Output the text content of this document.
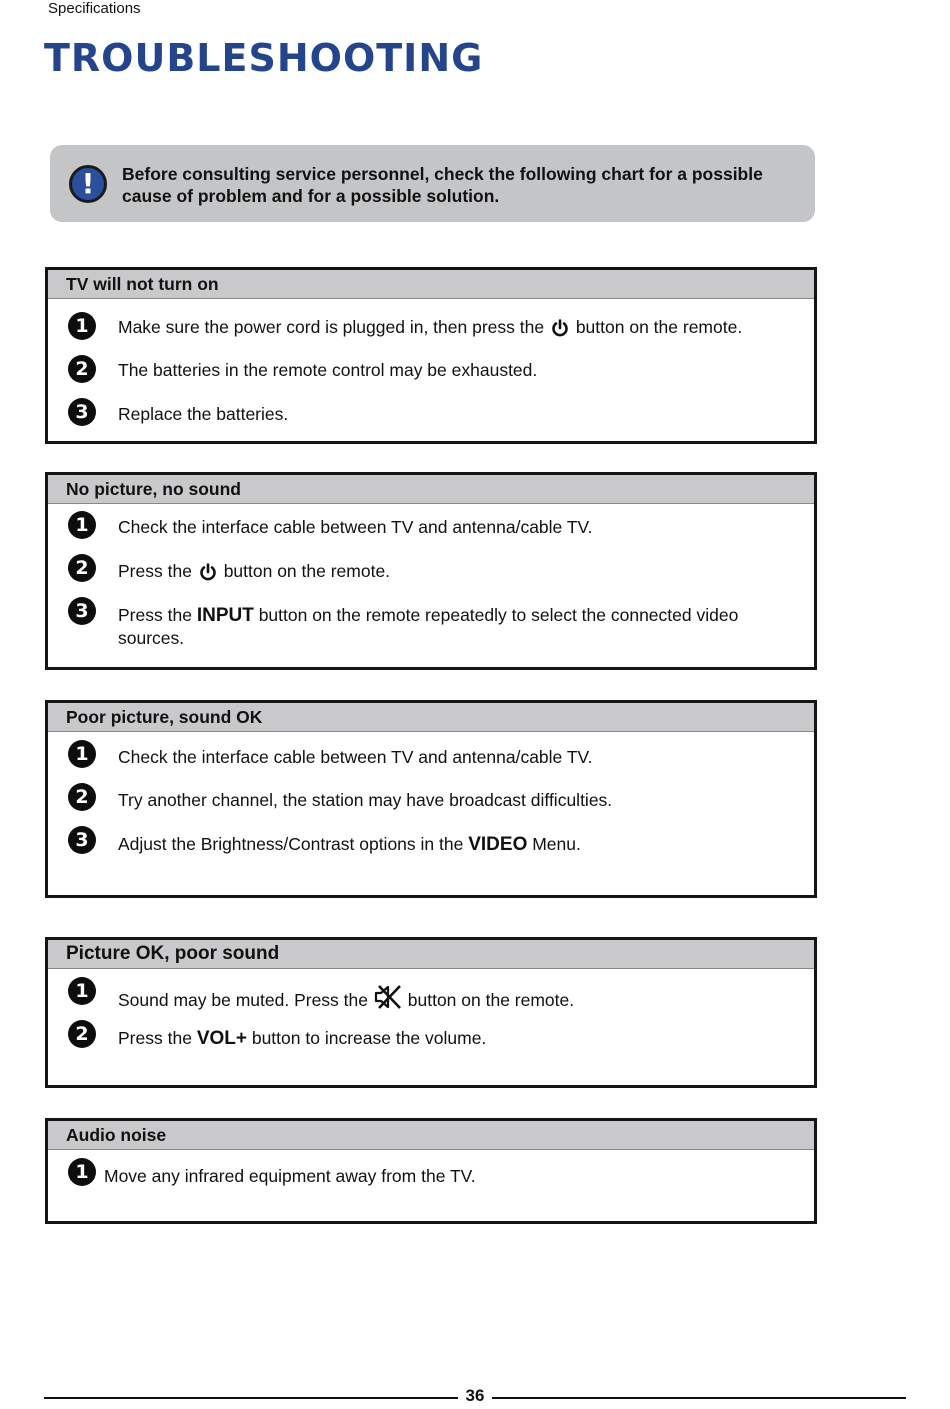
Specifications
TROUBLESHOOTING
!	Before consulting service personnel, check the following chart for a possible cause of problem and for a possible solution.
TV will not turn on
1	Make sure the power cord is plugged in, then press the button on the remote.
2	The batteries in the remote control may be exhausted.
3	Replace the batteries.
No picture, no sound
1	Check the interface cable between TV and antenna/cable TV.
2	Press the button on the remote.
3	Press the INPUT button on the remote repeatedly to select the connected video sources.
Poor picture, sound OK
1	Check the interface cable between TV and antenna/cable TV.
2	Try another channel, the station may have broadcast difficulties.
3	Adjust the Brightness/Contrast options in the VIDEO Menu.
Picture OK, poor sound
1	Sound may be muted. Press the button on the remote.
2	Press the VOL+ button to increase the volume.
Audio noise
1 Move any infrared equipment away from the TV.
36
